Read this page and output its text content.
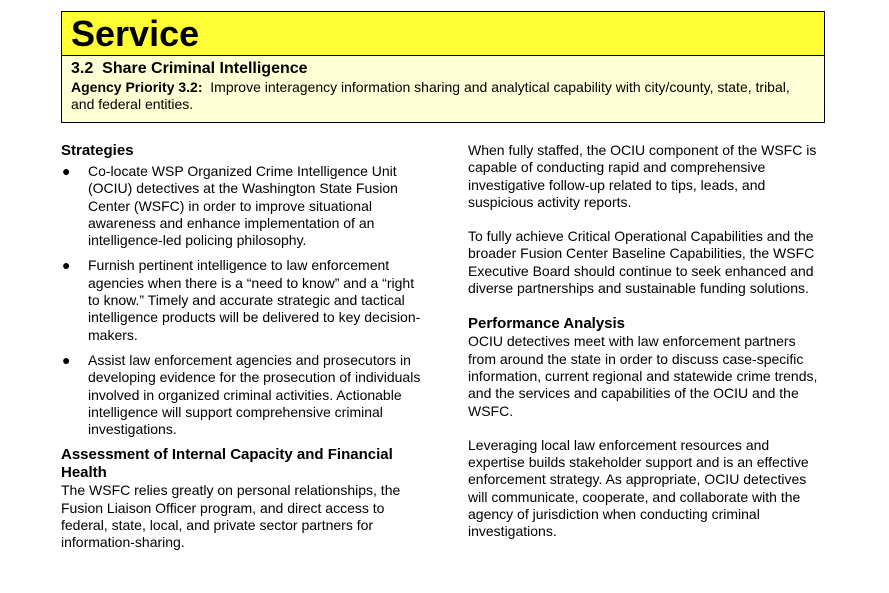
Service
3.2 Share Criminal Intelligence
Agency Priority 3.2: Improve interagency information sharing and analytical capability with city/county, state, tribal, and federal entities.
Strategies
● Co-locate WSP Organized Crime Intelligence Unit (OCIU) detectives at the Washington State Fusion Center (WSFC) in order to improve situational awareness and enhance implementation of an intelligence-led policing philosophy.
● Furnish pertinent intelligence to law enforcement agencies when there is a “need to know” and a “right to know.” Timely and accurate strategic and tactical intelligence products will be delivered to key decision-makers.
● Assist law enforcement agencies and prosecutors in developing evidence for the prosecution of individuals involved in organized criminal activities. Actionable intelligence will support comprehensive criminal investigations.
Assessment of Internal Capacity and Financial Health

The WSFC relies greatly on personal relationships, the Fusion Liaison Officer program, and direct access to federal, state, local, and private sector partners for information-sharing.

When fully staffed, the OCIU component of the WSFC is capable of conducting rapid and comprehensive investigative follow-up related to tips, leads, and suspicious activity reports.

To fully achieve Critical Operational Capabilities and the broader Fusion Center Baseline Capabilities, the WSFC Executive Board should continue to seek enhanced and diverse partnerships and sustainable funding solutions.

Performance Analysis

OCIU detectives meet with law enforcement partners from around the state in order to discuss case-specific information, current regional and statewide crime trends, and the services and capabilities of the OCIU and the WSFC.

Leveraging local law enforcement resources and expertise builds stakeholder support and is an effective enforcement strategy. As appropriate, OCIU detectives will communicate, cooperate, and collaborate with the agency of jurisdiction when conducting criminal investigations.
